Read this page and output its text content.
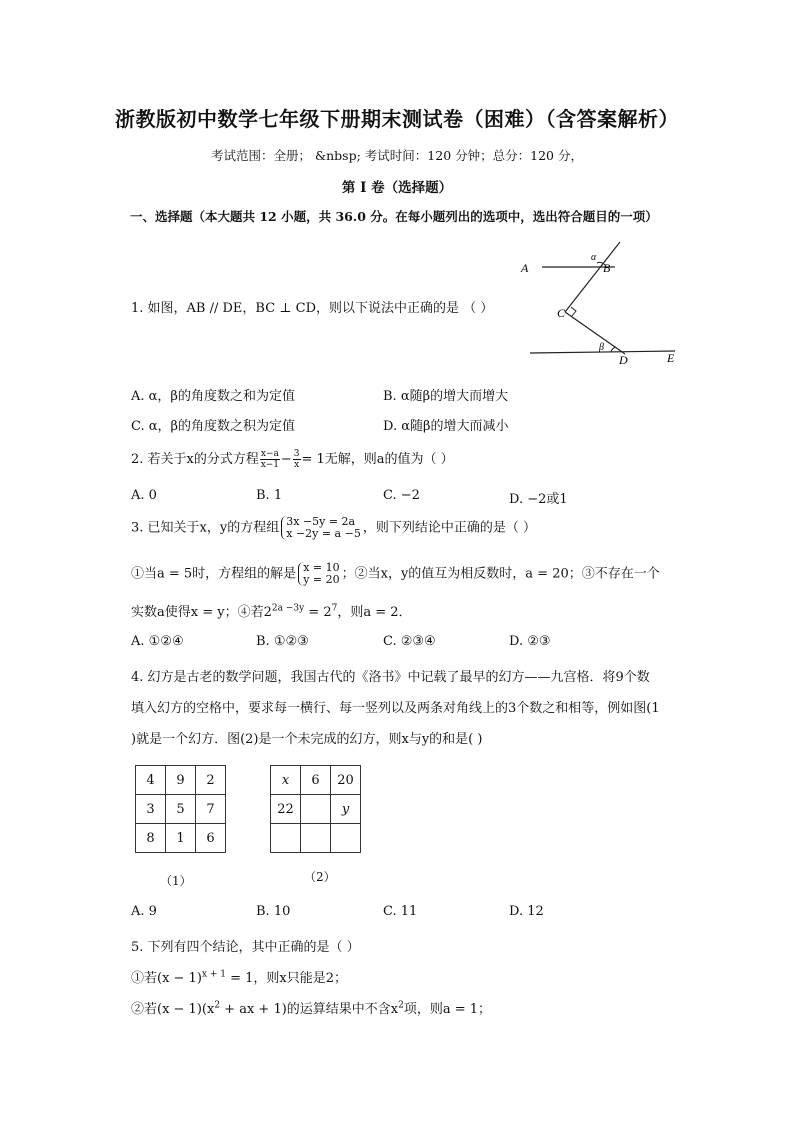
浙教版初中数学七年级下册期末测试卷（困难）（含答案解析）
考试范围：全册； &nbsp; 考试时间：120 分钟；总分：120 分，
第 I 卷（选择题）
一、选择题（本大题共 12 小题，共 36.0 分。在每小题列出的选项中，选出符合题目的一项）
1. 如图，AB // DE，BC ⊥ CD，则以下说法中正确的是 （ ）
A	B
α
C
β
D	E
A. α，β的角度数之和为定值	B. α随β的增大而增大
C. α，β的角度数之积为定值	D. α随β的增大而减小
2. 若关于x的分式方程 $\frac{x-a}{x-1} - \frac{3}{x} = 1$无解，则a的值为（ ）
A. 0	B. 1	C. −2	D. −2或1
3. 已知关于x，y的方程组 3x −5y = 2a
x −2y = a −5 ，则下列结论中正确的是（ ）
①当a = 5时，方程组的解是 x = 10
y = 20 ；②当x，y的值互为相反数时，a = 20；③不存在一个
实数a使得x = y；④若$2^{2a -3y} = 2^7$，则a = 2．
A. ①②④	B. ①②③	C. ②③④	D. ②③
4. 幻方是古老的数学问题，我国古代的《洛书》中记载了最早的幻方——九宫格．将9个数
填入幻方的空格中，要求每一横行、每一竖列以及两条对角线上的3个数之和相等，例如图(1
)就是一个幻方．图(2)是一个未完成的幻方，则x与y的和是( )
4	9	2
3	5	7
8	1	6
（1）
x	6	20
22		y

（2）
A. 9	B. 10	C. 11	D. 12
5. 下列有四个结论，其中正确的是（ ）
①若$(x - 1)^{x + 1} = 1$，则x只能是2；
②若$(x - 1)(x^2$ + ax + 1)的运算结果中不含$x^2$项，则a = 1；
